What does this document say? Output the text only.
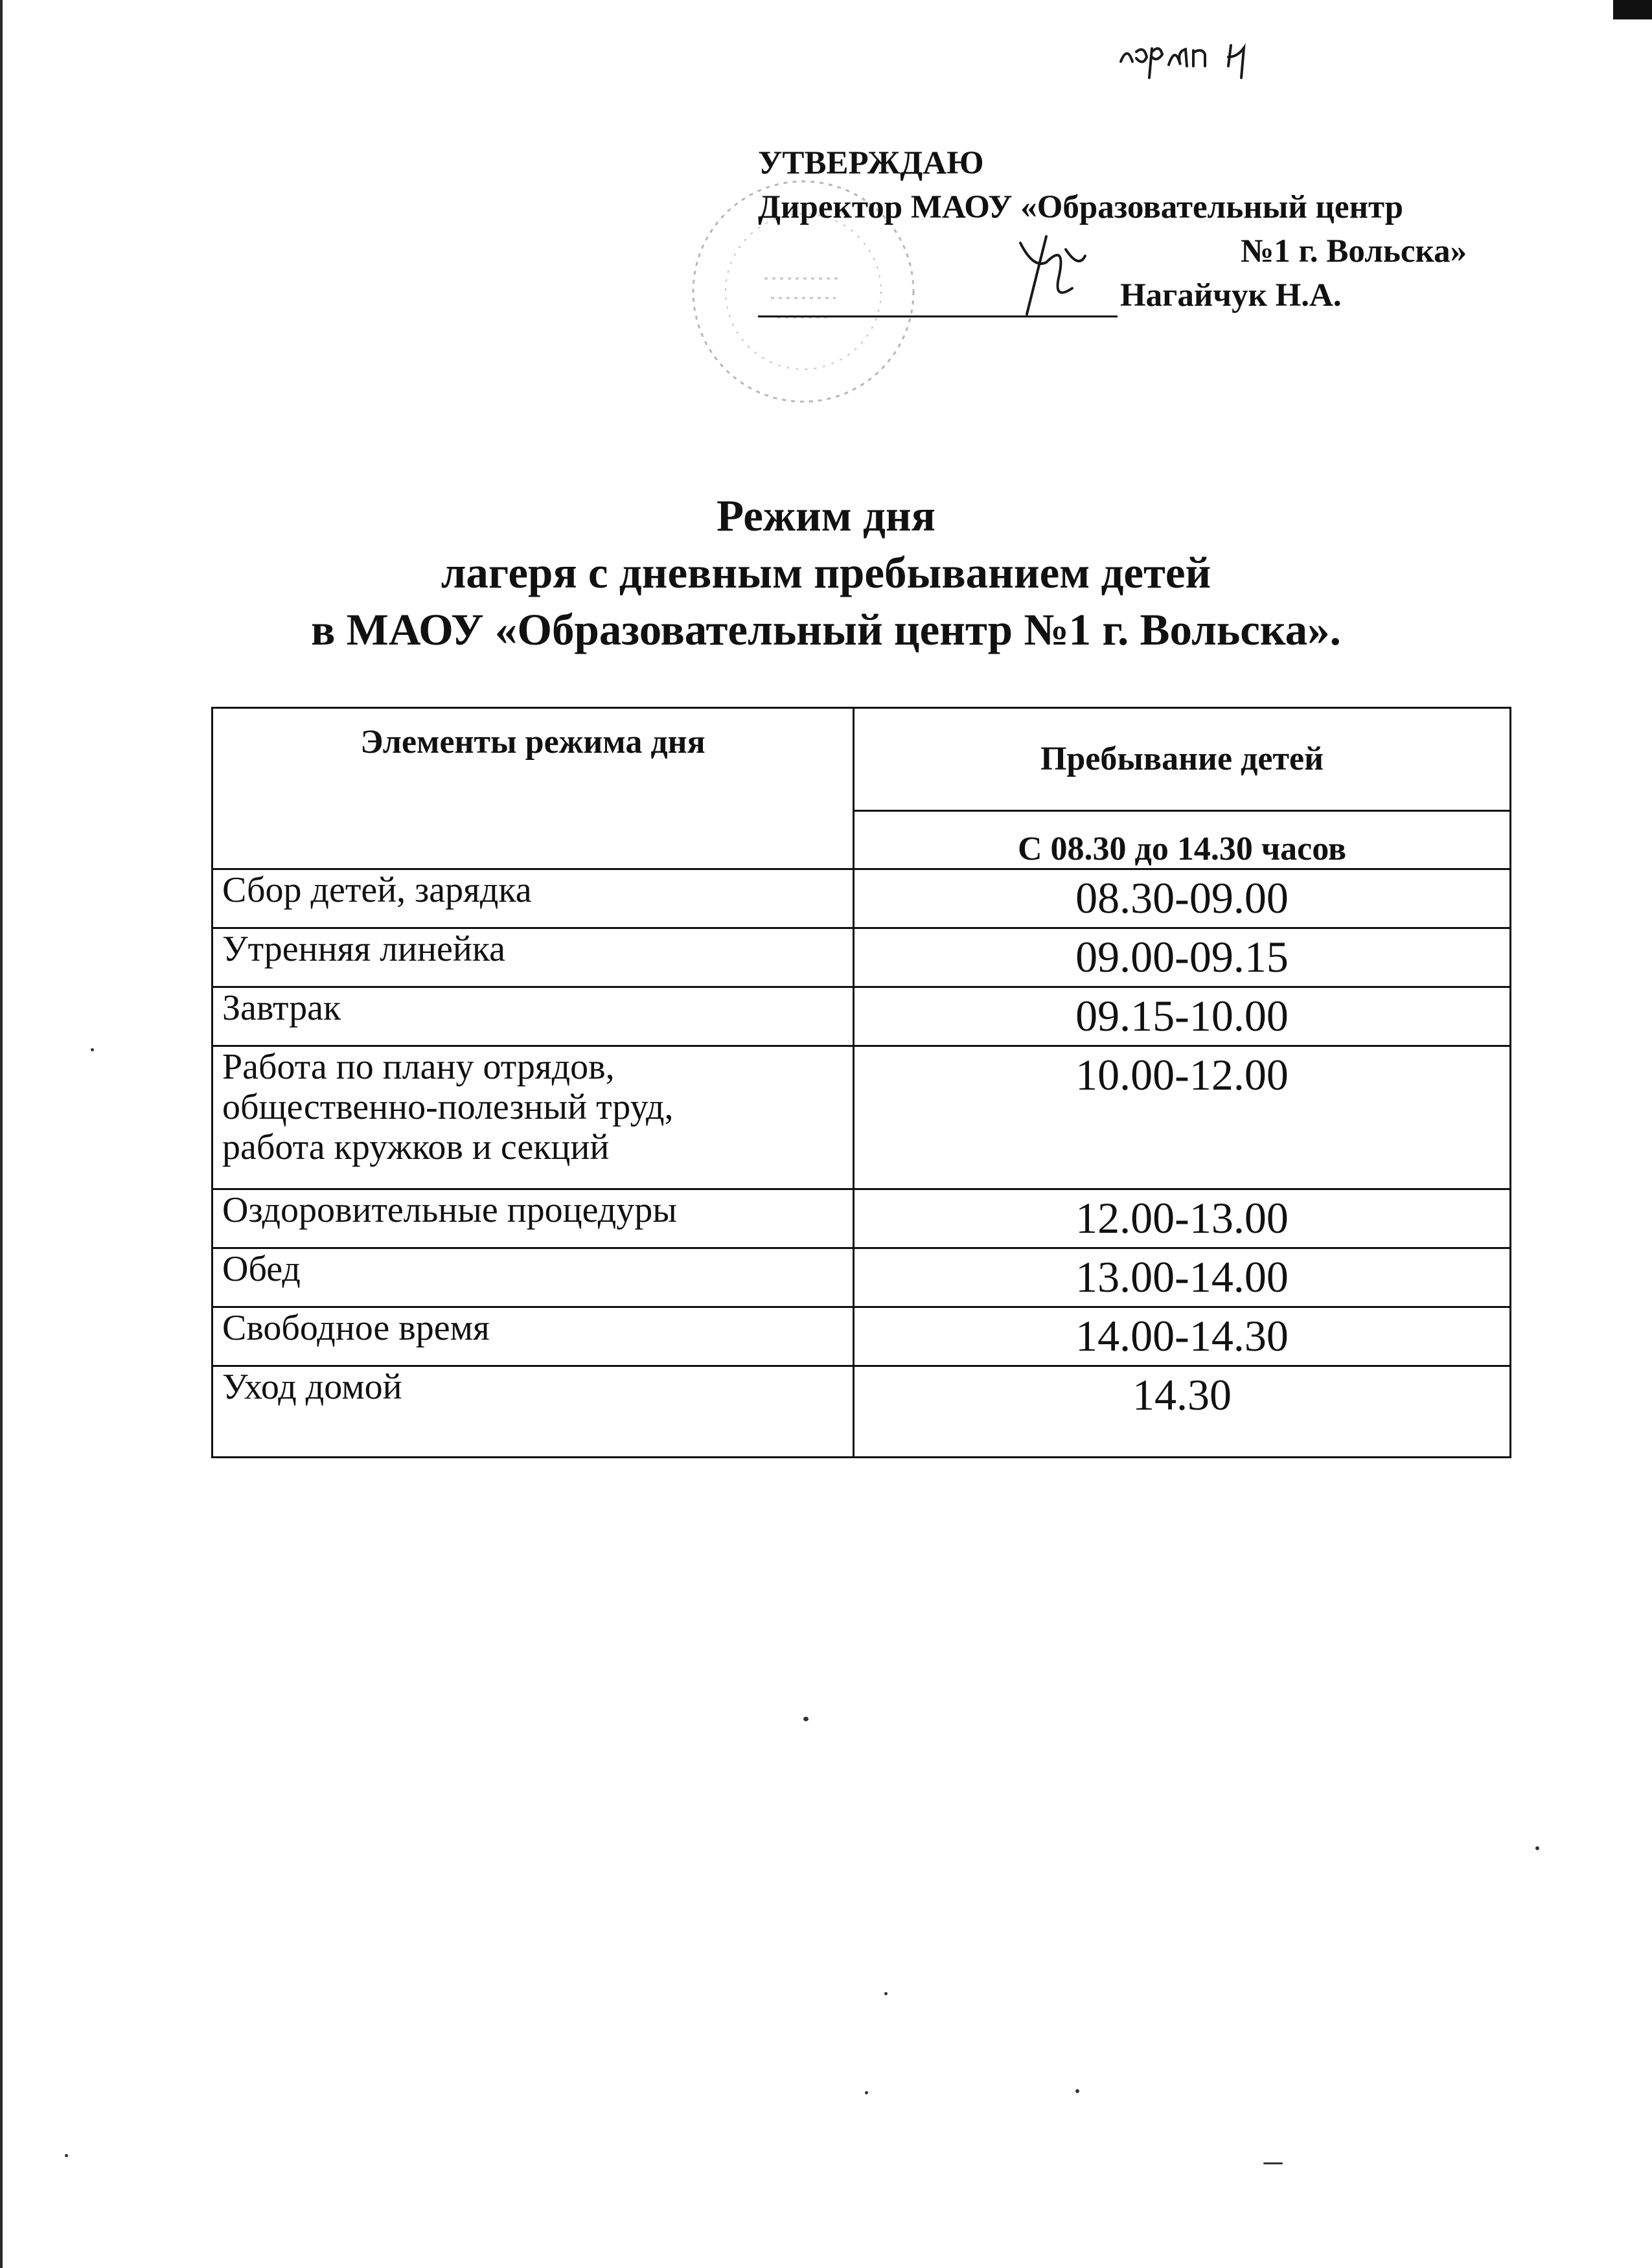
УТВЕРЖДАЮ
Директор МАОУ «Образовательный центр
№1 г. Вольска»
Нагайчук Н.А.
Режим дня
лагеря с дневным пребыванием детей
в МАОУ «Образовательный центр №1 г. Вольска».
Элементы режима дня	Пребывание детей
	С 08.30 до 14.30 часов
Сбор детей, зарядка	08.30-09.00
Утренняя линейка	09.00-09.15
Завтрак	09.15-10.00

Работа по плану отрядов,
общественно-полезный труд,
работа кружков и секций	10.00-12.00
Оздоровительные процедуры	12.00-13.00
Обед	13.00-14.00
Свободное время	14.00-14.30
Уход домой	14.30
